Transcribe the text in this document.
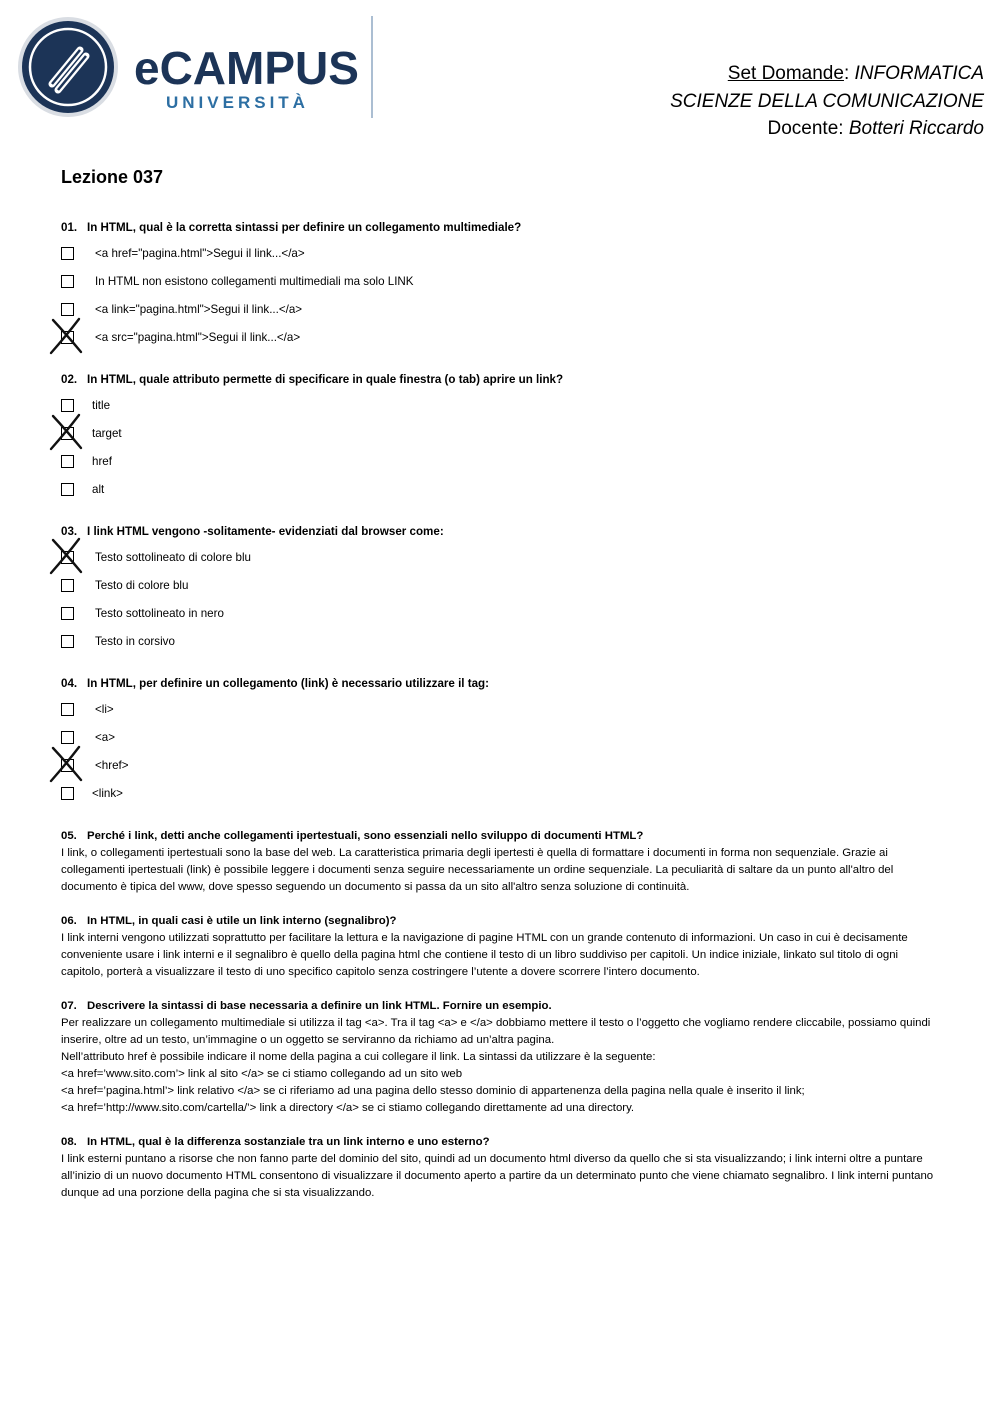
eCAMPUS
UNIVERSITÀ
Set Domande: INFORMATICA
SCIENZE DELLA COMUNICAZIONE
Docente: Botteri Riccardo
Lezione 037
01. In HTML, qual è la corretta sintassi per definire un collegamento multimediale?
<a href="pagina.html">Segui il link...</a>
In HTML non esistono collegamenti multimediali ma solo LINK
<a link="pagina.html">Segui il link...</a>
<a src="pagina.html">Segui il link...</a>
02. In HTML, quale attributo permette di specificare in quale finestra (o tab) aprire un link?
title
target
href
alt
03. I link HTML vengono -solitamente- evidenziati dal browser come:
Testo sottolineato di colore blu
Testo di colore blu
Testo sottolineato in nero
Testo in corsivo
04. In HTML, per definire un collegamento (link) è necessario utilizzare il tag:
<li>
<a>
<href>
<link>
05. Perché i link, detti anche collegamenti ipertestuali, sono essenziali nello sviluppo di documenti HTML?

I link, o collegamenti ipertestuali sono la base del web. La caratteristica primaria degli ipertesti è quella di formattare i documenti in forma non sequenziale. Grazie ai collegamenti ipertestuali (link) è possibile leggere i documenti senza seguire necessariamente un ordine sequenziale. La peculiarità di saltare da un punto all'altro del documento è tipica del www, dove spesso seguendo un documento si passa da un sito all'altro senza soluzione di continuità.

06. In HTML, in quali casi è utile un link interno (segnalibro)?

I link interni vengono utilizzati soprattutto per facilitare la lettura e la navigazione di pagine HTML con un grande contenuto di informazioni. Un caso in cui è decisamente conveniente usare i link interni e il segnalibro è quello della pagina html che contiene il testo di un libro suddiviso per capitoli. Un indice iniziale, linkato sul titolo di ogni capitolo, porterà a visualizzare il testo di uno specifico capitolo senza costringere l’utente a dovere scorrere l’intero documento.

07. Descrivere la sintassi di base necessaria a definire un link HTML. Fornire un esempio.

Per realizzare un collegamento multimediale si utilizza il tag <a>. Tra il tag <a> e </a> dobbiamo mettere il testo o l’oggetto che vogliamo rendere cliccabile, possiamo quindi inserire, oltre ad un testo, un’immagine o un oggetto se serviranno da richiamo ad un’altra pagina.

Nell’attributo href è possibile indicare il nome della pagina a cui collegare il link. La sintassi da utilizzare è la seguente:

<a href=’www.sito.com’> link al sito </a> se ci stiamo collegando ad un sito web

<a href=’pagina.html’> link relativo </a> se ci riferiamo ad una pagina dello stesso dominio di appartenenza della pagina nella quale è inserito il link;

<a href=’http://www.sito.com/cartella/’> link a directory </a> se ci stiamo collegando direttamente ad una directory.

08. In HTML, qual è la differenza sostanziale tra un link interno e uno esterno?

I link esterni puntano a risorse che non fanno parte del dominio del sito, quindi ad un documento html diverso da quello che si sta visualizzando; i link interni oltre a puntare all’inizio di un nuovo documento HTML consentono di visualizzare il documento aperto a partire da un determinato punto che viene chiamato segnalibro. I link interni puntano dunque ad una porzione della pagina che si sta visualizzando.
